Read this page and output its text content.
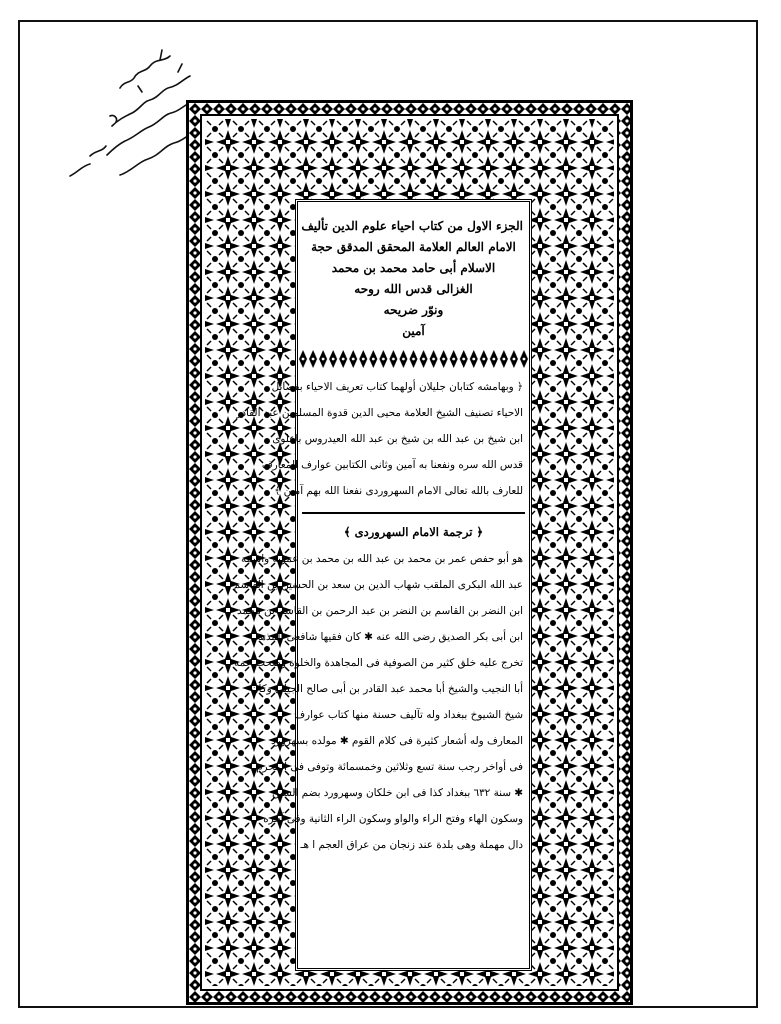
الجزء الاول من كتاب احياء علوم الدين تأليف
الامام العالم العلامة المحقق المدقق حجة
الاسلام أبى حامد محمد بن محمد
الغزالى قدس الله روحه
ونوّر ضريحه
آمين
﴿ وبهامشه كتابان جليلان أولهما كتاب تعريف الاحياء بفضائل
الاحياء تصنيف الشيخ العلامة محيى الدين قدوة المسلمين عبد القادر
ابن شيخ بن عبد الله بن شيخ بن عبد الله العيدروس باعلوى
قدس الله سره ونفعنا به آمين وثانى الكتابين عوارف المعارف
للعارف بالله تعالى الامام السهروردى نفعنا الله بهم آمين ﴾
﴿ ترجمة الامام السهروردى ﴾
هو أبو حفص عمر بن محمد بن عبد الله بن محمد بن عمويه واسمه
عبد الله البكرى الملقب شهاب الدين بن سعد بن الحسين بن القاسم
ابن النضر بن القاسم بن النضر بن عبد الرحمن بن القاسم بن محمد
ابن أبى بكر الصديق رضى الله عنه ✱ كان فقيها شافعى المذهب
تخرج عليه خلق كثير من الصوفية فى المجاهدة والخلوة وصحب عمه
أبا النجيب والشيخ أبا محمد عبد القادر بن أبى صالح الجيلى وكان
شيخ الشيوخ ببغداد وله تآليف حسنة منها كتاب عوارف
المعارف وله أشعار كثيرة فى كلام القوم ✱ مولده بسهرورد
فى أواخر رجب سنة تسع وثلاثين وخمسمائة وتوفى فى المحرم
✱ سنة ٦٣٢ ببغداد كذا فى ابن خلكان وسهرورد بضم السين
وسكون الهاء وفتح الراء والواو وسكون الراء الثانية وفى آخره
دال مهملة وهى بلدة عند زنجان من عراق العجم ا هـ
